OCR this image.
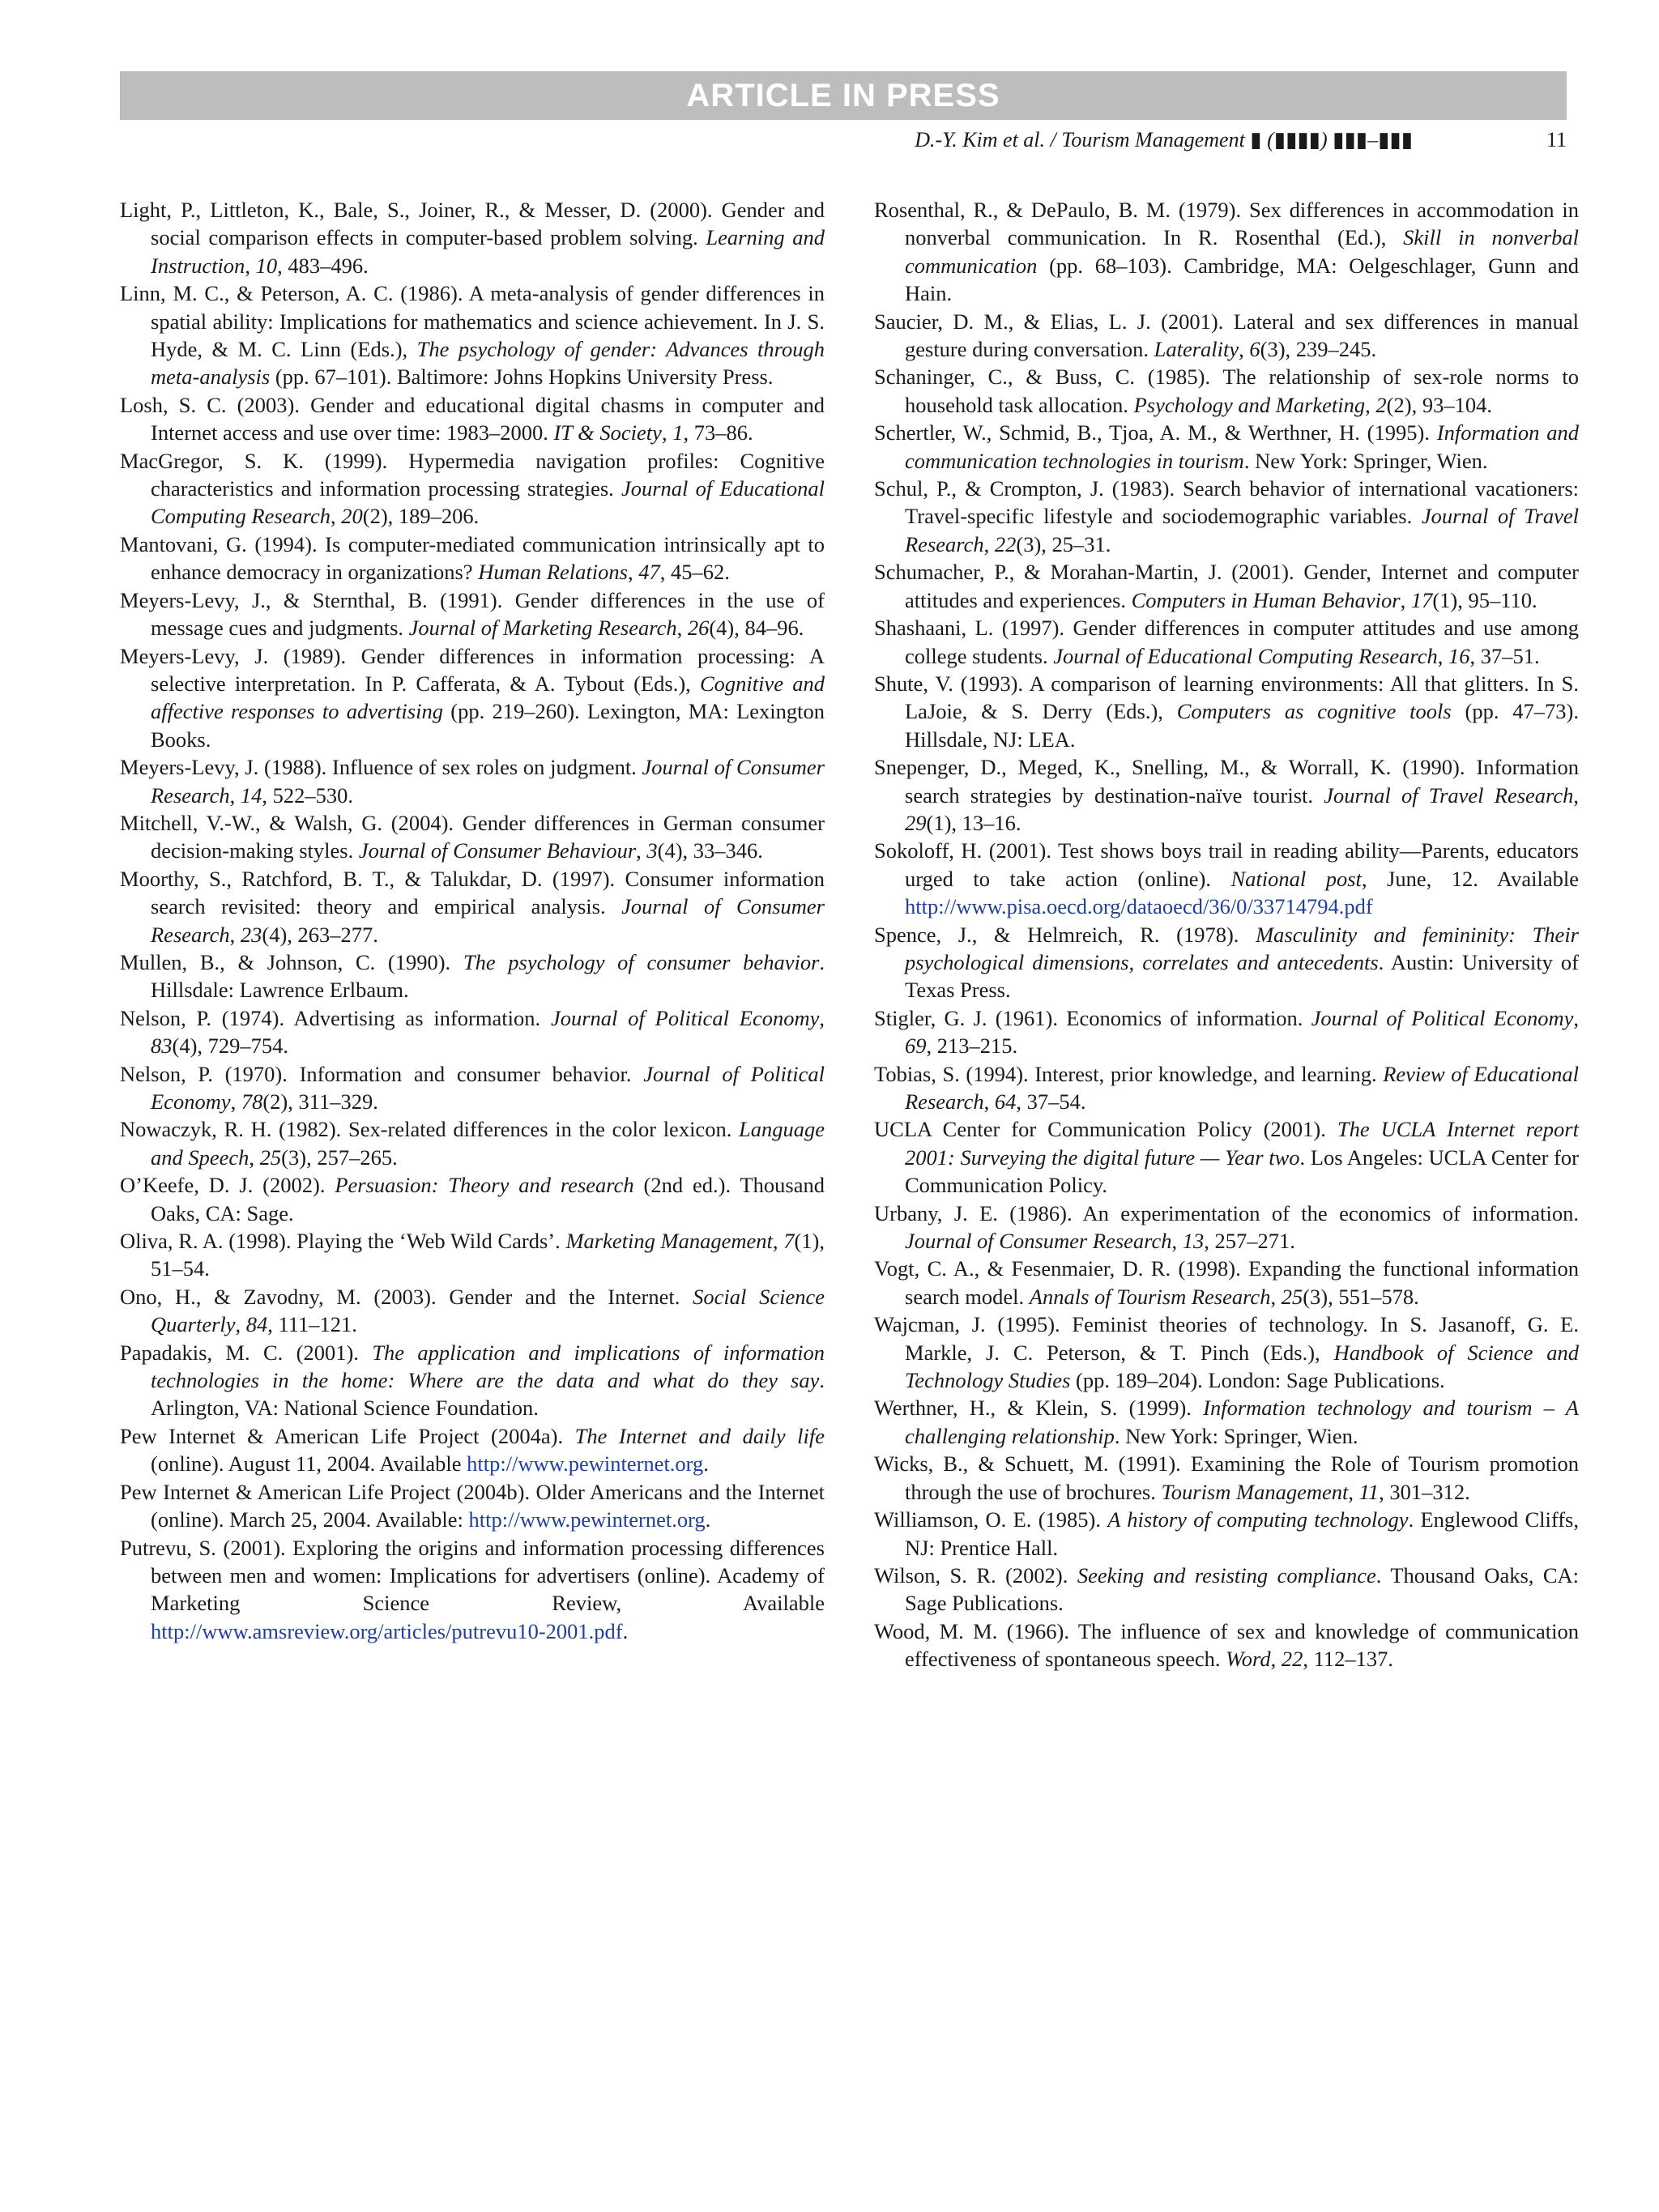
ARTICLE IN PRESS
D.-Y. Kim et al. / Tourism Management ▮ (▮▮▮▮) ▮▮▮–▮▮▮	11

Light, P., Littleton, K., Bale, S., Joiner, R., & Messer, D. (2000). Gender and social comparison effects in computer-based problem solving. Learning and Instruction, 10, 483–496.

Linn, M. C., & Peterson, A. C. (1986). A meta-analysis of gender differences in spatial ability: Implications for mathematics and science achievement. In J. S. Hyde, & M. C. Linn (Eds.), The psychology of gender: Advances through meta-analysis (pp. 67–101). Baltimore: Johns Hopkins University Press.

Losh, S. C. (2003). Gender and educational digital chasms in computer and Internet access and use over time: 1983–2000. IT & Society, 1, 73–86.

MacGregor, S. K. (1999). Hypermedia navigation profiles: Cognitive characteristics and information processing strategies. Journal of Educational Computing Research, 20(2), 189–206.

Mantovani, G. (1994). Is computer-mediated communication intrinsically apt to enhance democracy in organizations? Human Relations, 47, 45–62.

Meyers-Levy, J., & Sternthal, B. (1991). Gender differences in the use of message cues and judgments. Journal of Marketing Research, 26(4), 84–96.

Meyers-Levy, J. (1989). Gender differences in information processing: A selective interpretation. In P. Cafferata, & A. Tybout (Eds.), Cognitive and affective responses to advertising (pp. 219–260). Lexington, MA: Lexington Books.

Meyers-Levy, J. (1988). Influence of sex roles on judgment. Journal of Consumer Research, 14, 522–530.

Mitchell, V.-W., & Walsh, G. (2004). Gender differences in German consumer decision-making styles. Journal of Consumer Behaviour, 3(4), 33–346.

Moorthy, S., Ratchford, B. T., & Talukdar, D. (1997). Consumer information search revisited: theory and empirical analysis. Journal of Consumer Research, 23(4), 263–277.

Mullen, B., & Johnson, C. (1990). The psychology of consumer behavior. Hillsdale: Lawrence Erlbaum.

Nelson, P. (1974). Advertising as information. Journal of Political Economy, 83(4), 729–754.

Nelson, P. (1970). Information and consumer behavior. Journal of Political Economy, 78(2), 311–329.

Nowaczyk, R. H. (1982). Sex-related differences in the color lexicon. Language and Speech, 25(3), 257–265.

O’Keefe, D. J. (2002). Persuasion: Theory and research (2nd ed.). Thousand Oaks, CA: Sage.

Oliva, R. A. (1998). Playing the ‘Web Wild Cards’. Marketing Management, 7(1), 51–54.

Ono, H., & Zavodny, M. (2003). Gender and the Internet. Social Science Quarterly, 84, 111–121.

Papadakis, M. C. (2001). The application and implications of information technologies in the home: Where are the data and what do they say. Arlington, VA: National Science Foundation.

Pew Internet & American Life Project (2004a). The Internet and daily life (online). August 11, 2004. Available http://www.pewinternet.org.

Pew Internet & American Life Project (2004b). Older Americans and the Internet (online). March 25, 2004. Available: http://www.pewinternet.org.

Putrevu, S. (2001). Exploring the origins and information processing differences between men and women: Implications for advertisers (online). Academy of Marketing Science Review, Available http://www.amsreview.org/articles/putrevu10-2001.pdf.

Rosenthal, R., & DePaulo, B. M. (1979). Sex differences in accommodation in nonverbal communication. In R. Rosenthal (Ed.), Skill in nonverbal communication (pp. 68–103). Cambridge, MA: Oelgeschlager, Gunn and Hain.

Saucier, D. M., & Elias, L. J. (2001). Lateral and sex differences in manual gesture during conversation. Laterality, 6(3), 239–245.

Schaninger, C., & Buss, C. (1985). The relationship of sex-role norms to household task allocation. Psychology and Marketing, 2(2), 93–104.

Schertler, W., Schmid, B., Tjoa, A. M., & Werthner, H. (1995). Information and communication technologies in tourism. New York: Springer, Wien.

Schul, P., & Crompton, J. (1983). Search behavior of international vacationers: Travel-specific lifestyle and sociodemographic variables. Journal of Travel Research, 22(3), 25–31.

Schumacher, P., & Morahan-Martin, J. (2001). Gender, Internet and computer attitudes and experiences. Computers in Human Behavior, 17(1), 95–110.

Shashaani, L. (1997). Gender differences in computer attitudes and use among college students. Journal of Educational Computing Research, 16, 37–51.

Shute, V. (1993). A comparison of learning environments: All that glitters. In S. LaJoie, & S. Derry (Eds.), Computers as cognitive tools (pp. 47–73). Hillsdale, NJ: LEA.

Snepenger, D., Meged, K., Snelling, M., & Worrall, K. (1990). Information search strategies by destination-naïve tourist. Journal of Travel Research, 29(1), 13–16.

Sokoloff, H. (2001). Test shows boys trail in reading ability—Parents, educators urged to take action (online). National post, June, 12. Available http://www.pisa.oecd.org/dataoecd/36/0/33714794.pdf

Spence, J., & Helmreich, R. (1978). Masculinity and femininity: Their psychological dimensions, correlates and antecedents. Austin: University of Texas Press.

Stigler, G. J. (1961). Economics of information. Journal of Political Economy, 69, 213–215.

Tobias, S. (1994). Interest, prior knowledge, and learning. Review of Educational Research, 64, 37–54.

UCLA Center for Communication Policy (2001). The UCLA Internet report 2001: Surveying the digital future — Year two. Los Angeles: UCLA Center for Communication Policy.

Urbany, J. E. (1986). An experimentation of the economics of information. Journal of Consumer Research, 13, 257–271.

Vogt, C. A., & Fesenmaier, D. R. (1998). Expanding the functional information search model. Annals of Tourism Research, 25(3), 551–578.

Wajcman, J. (1995). Feminist theories of technology. In S. Jasanoff, G. E. Markle, J. C. Peterson, & T. Pinch (Eds.), Handbook of Science and Technology Studies (pp. 189–204). London: Sage Publications.

Werthner, H., & Klein, S. (1999). Information technology and tourism – A challenging relationship. New York: Springer, Wien.

Wicks, B., & Schuett, M. (1991). Examining the Role of Tourism promotion through the use of brochures. Tourism Management, 11, 301–312.

Williamson, O. E. (1985). A history of computing technology. Englewood Cliffs, NJ: Prentice Hall.

Wilson, S. R. (2002). Seeking and resisting compliance. Thousand Oaks, CA: Sage Publications.

Wood, M. M. (1966). The influence of sex and knowledge of communication effectiveness of spontaneous speech. Word, 22, 112–137.
